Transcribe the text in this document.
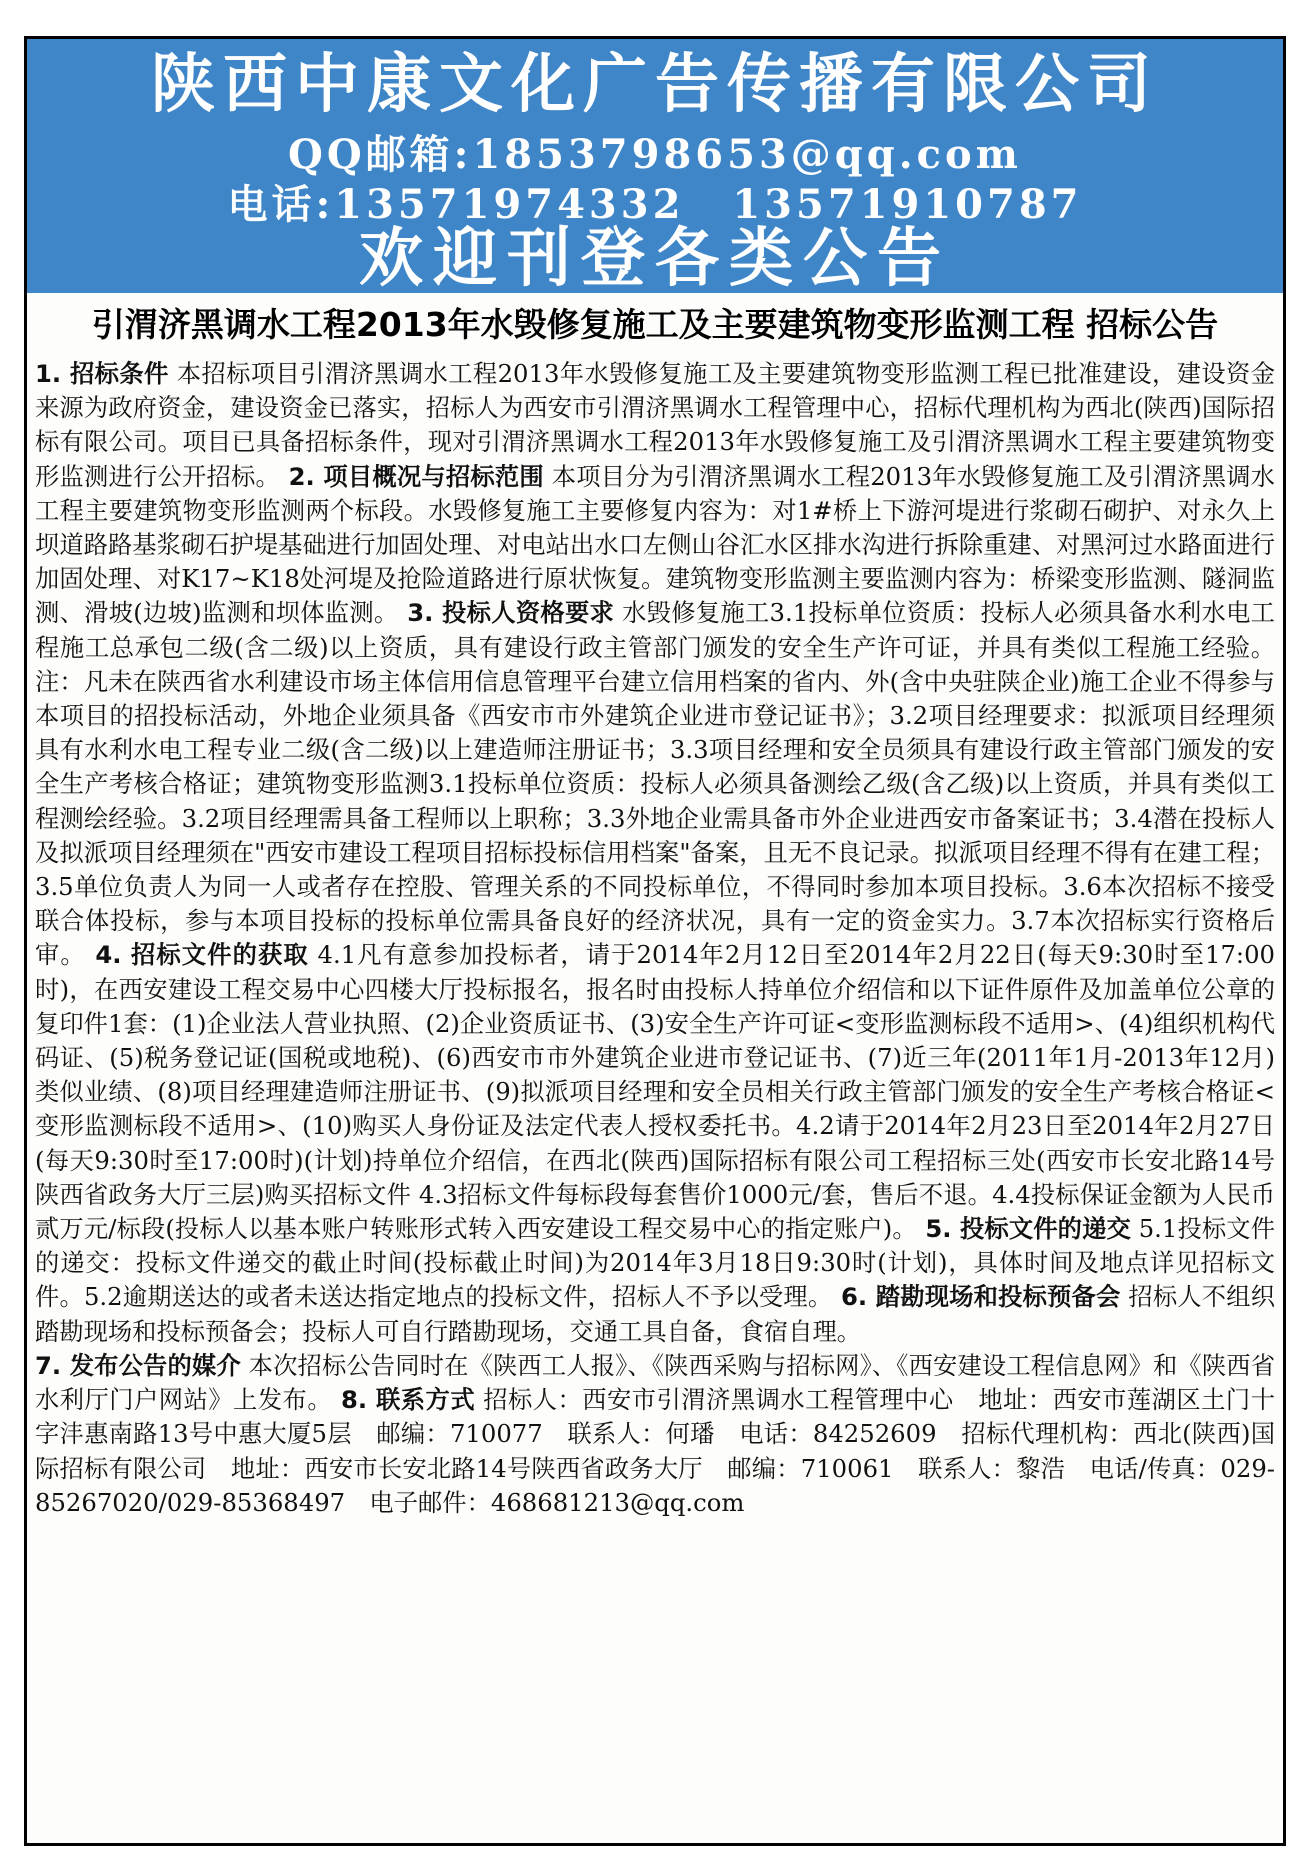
陕西中康文化广告传播有限公司
QQ邮箱:1853798653@qq.com
电话:13571974332 13571910787
欢迎刊登各类公告
引渭济黑调水工程2013年水毁修复施工及主要建筑物变形监测工程 招标公告
1. 招标条件 本招标项目引渭济黑调水工程2013年水毁修复施工及主要建筑物变形监测工程已批准建设，建设资金来源为政府资金，建设资金已落实，招标人为西安市引渭济黑调水工程管理中心，招标代理机构为西北(陕西)国际招标有限公司。项目已具备招标条件，现对引渭济黑调水工程2013年水毁修复施工及引渭济黑调水工程主要建筑物变形监测进行公开招标。 2. 项目概况与招标范围 本项目分为引渭济黑调水工程2013年水毁修复施工及引渭济黑调水工程主要建筑物变形监测两个标段。水毁修复施工主要修复内容为：对1#桥上下游河堤进行浆砌石砌护、对永久上坝道路路基浆砌石护堤基础进行加固处理、对电站出水口左侧山谷汇水区排水沟进行拆除重建、对黑河过水路面进行加固处理、对K17~K18处河堤及抢险道路进行原状恢复。建筑物变形监测主要监测内容为：桥梁变形监测、隧洞监测、滑坡(边坡)监测和坝体监测。 3. 投标人资格要求 水毁修复施工3.1投标单位资质：投标人必须具备水利水电工程施工总承包二级(含二级)以上资质，具有建设行政主管部门颁发的安全生产许可证，并具有类似工程施工经验。注：凡未在陕西省水利建设市场主体信用信息管理平台建立信用档案的省内、外(含中央驻陕企业)施工企业不得参与本项目的招投标活动，外地企业须具备《西安市市外建筑企业进市登记证书》；3.2项目经理要求：拟派项目经理须具有水利水电工程专业二级(含二级)以上建造师注册证书；3.3项目经理和安全员须具有建设行政主管部门颁发的安全生产考核合格证；建筑物变形监测3.1投标单位资质：投标人必须具备测绘乙级(含乙级)以上资质，并具有类似工程测绘经验。3.2项目经理需具备工程师以上职称；3.3外地企业需具备市外企业进西安市备案证书；3.4潜在投标人及拟派项目经理须在"西安市建设工程项目招标投标信用档案"备案，且无不良记录。拟派项目经理不得有在建工程；3.5单位负责人为同一人或者存在控股、管理关系的不同投标单位，不得同时参加本项目投标。3.6本次招标不接受联合体投标，参与本项目投标的投标单位需具备良好的经济状况，具有一定的资金实力。3.7本次招标实行资格后审。 4. 招标文件的获取 4.1凡有意参加投标者，请于2014年2月12日至2014年2月22日(每天9:30时至17:00时)，在西安建设工程交易中心四楼大厅投标报名，报名时由投标人持单位介绍信和以下证件原件及加盖单位公章的复印件1套：(1)企业法人营业执照、(2)企业资质证书、(3)安全生产许可证<变形监测标段不适用>、(4)组织机构代码证、(5)税务登记证(国税或地税)、(6)西安市市外建筑企业进市登记证书、(7)近三年(2011年1月-2013年12月)类似业绩、(8)项目经理建造师注册证书、(9)拟派项目经理和安全员相关行政主管部门颁发的安全生产考核合格证<变形监测标段不适用>、(10)购买人身份证及法定代表人授权委托书。4.2请于2014年2月23日至2014年2月27日(每天9:30时至17:00时)(计划)持单位介绍信，在西北(陕西)国际招标有限公司工程招标三处(西安市长安北路14号陕西省政务大厅三层)购买招标文件 4.3招标文件每标段每套售价1000元/套，售后不退。4.4投标保证金额为人民币贰万元/标段(投标人以基本账户转账形式转入西安建设工程交易中心的指定账户)。 5. 投标文件的递交 5.1投标文件的递交：投标文件递交的截止时间(投标截止时间)为2014年3月18日9:30时(计划)，具体时间及地点详见招标文件。5.2逾期送达的或者未送达指定地点的投标文件，招标人不予以受理。 6. 踏勘现场和投标预备会 招标人不组织踏勘现场和投标预备会；投标人可自行踏勘现场，交通工具自备，食宿自理。
7. 发布公告的媒介 本次招标公告同时在《陕西工人报》、《陕西采购与招标网》、《西安建设工程信息网》和《陕西省水利厅门户网站》上发布。 8. 联系方式 招标人：西安市引渭济黑调水工程管理中心　地址：西安市莲湖区土门十字沣惠南路13号中惠大厦5层　邮编：710077　联系人：何璠　电话：84252609　招标代理机构：西北(陕西)国际招标有限公司　地址：西安市长安北路14号陕西省政务大厅　邮编：710061　联系人：黎浩　电话/传真：029-85267020/029-85368497　电子邮件：468681213@qq.com
